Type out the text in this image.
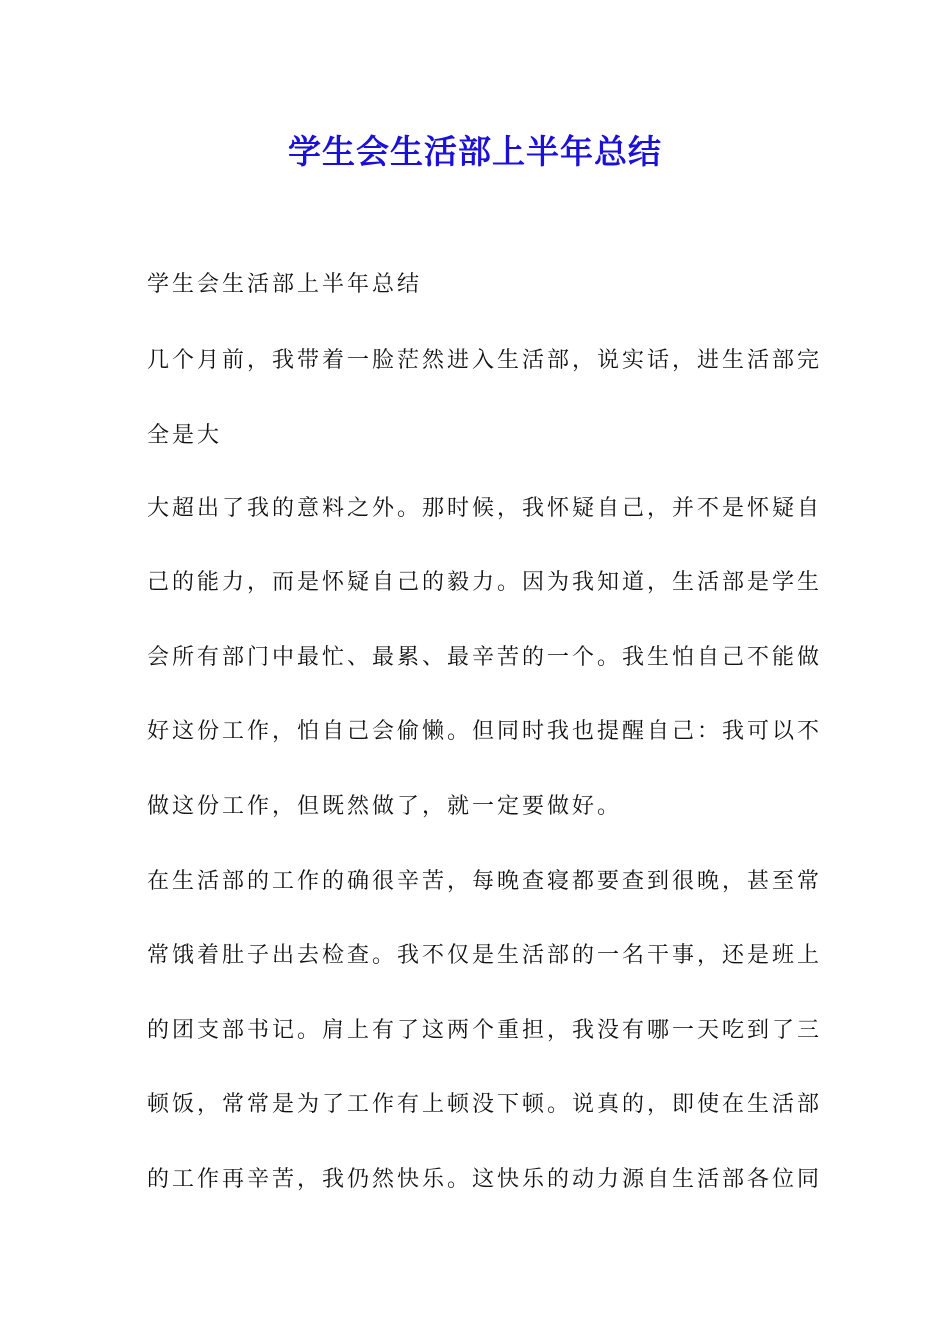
学生会生活部上半年总结
学生会生活部上半年总结
几个月前，我带着一脸茫然进入生活部，说实话，进生活部完
全是大
大超出了我的意料之外。那时候，我怀疑自己，并不是怀疑自
己的能力，而是怀疑自己的毅力。因为我知道，生活部是学生
会所有部门中最忙、最累、最辛苦的一个。我生怕自己不能做
好这份工作，怕自己会偷懒。但同时我也提醒自己：我可以不
做这份工作，但既然做了，就一定要做好。
在生活部的工作的确很辛苦，每晚查寝都要查到很晚，甚至常
常饿着肚子出去检查。我不仅是生活部的一名干事，还是班上
的团支部书记。肩上有了这两个重担，我没有哪一天吃到了三
顿饭，常常是为了工作有上顿没下顿。说真的，即使在生活部
的工作再辛苦，我仍然快乐。这快乐的动力源自生活部各位同
